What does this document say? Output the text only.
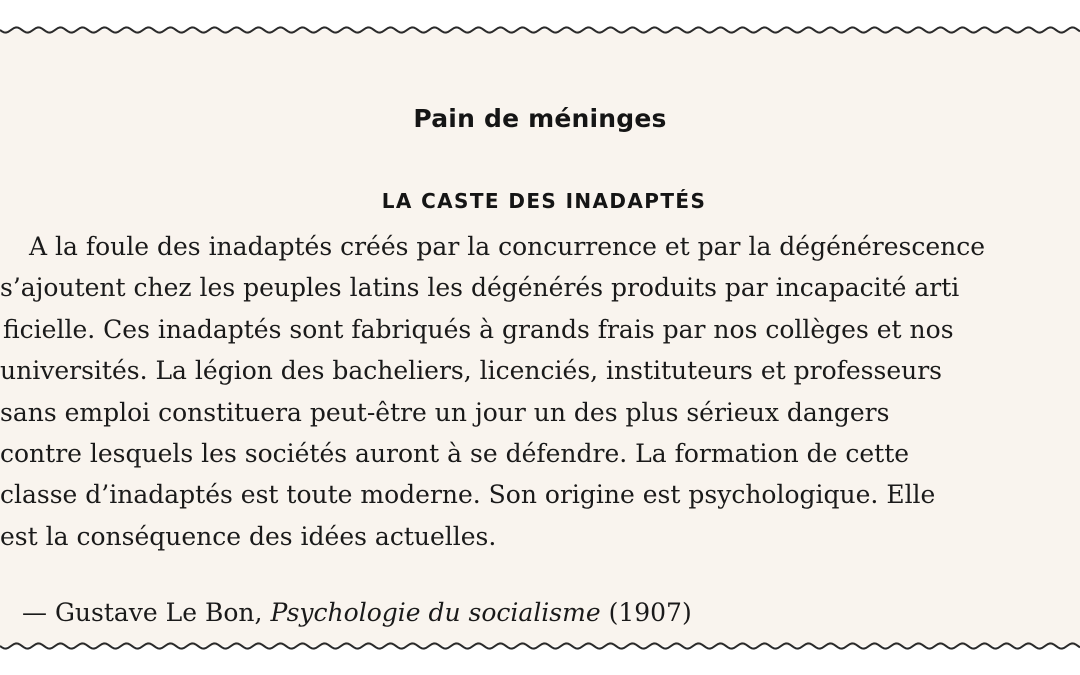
Pain de méninges
LA CASTE DES INADAPTÉS

A la foule des inadaptés créés par la concurrence et par la dégénérescence
s’ajoutent chez les peuples latins les dégénérés produits par incapacité arti
ficielle. Ces inadaptés sont fabriqués à grands frais par nos collèges et nos
universités. La légion des bacheliers, licenciés, instituteurs et professeurs
sans emploi constituera peut-être un jour un des plus sérieux dangers
contre lesquels les sociétés auront à se défendre. La formation de cette
classe d’inadaptés est toute moderne. Son origine est psychologique. Elle
est la conséquence des idées actuelles.

— Gustave Le Bon, Psychologie du socialisme (1907)
